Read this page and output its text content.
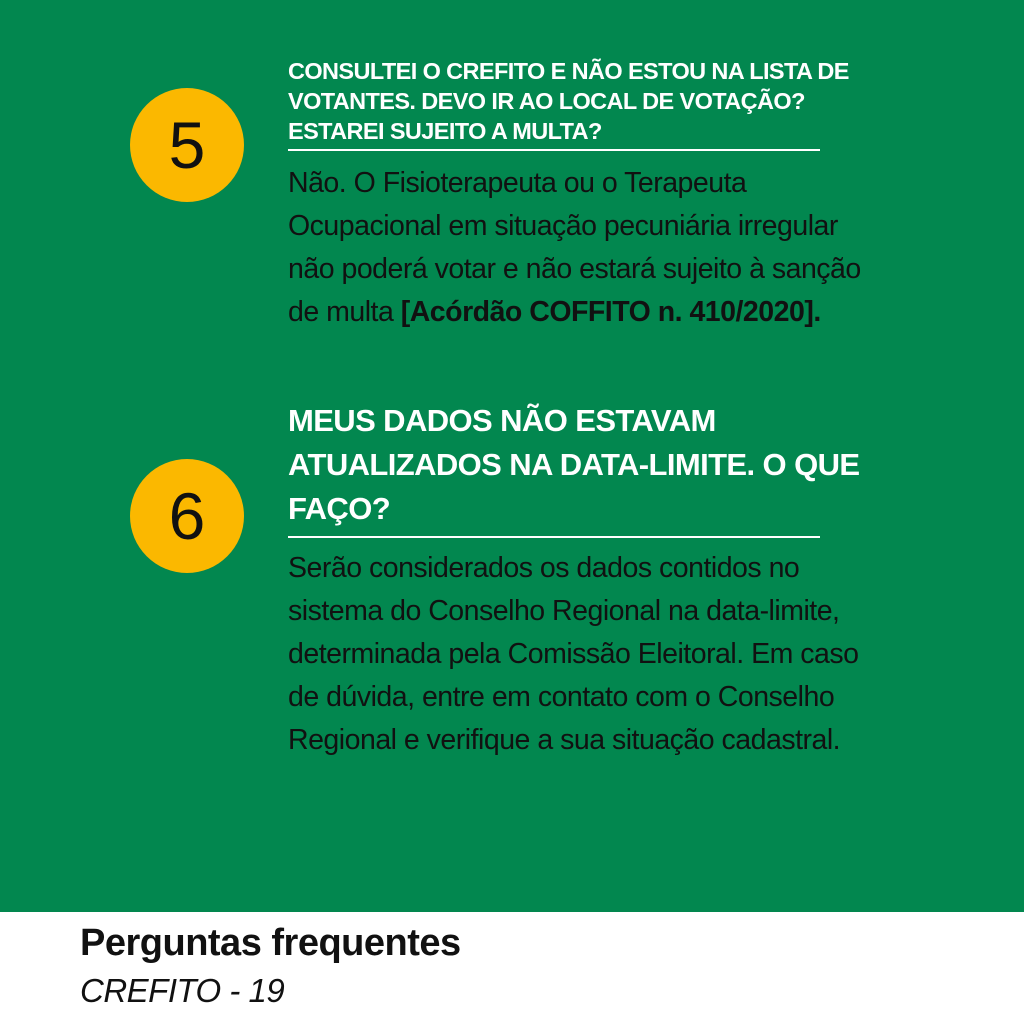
5
CONSULTEI O CREFITO E NÃO ESTOU NA LISTA DE VOTANTES. DEVO IR AO LOCAL DE VOTAÇÃO? ESTAREI SUJEITO A MULTA?

Não. O Fisioterapeuta ou o Terapeuta Ocupacional em situação pecuniária irregular não poderá votar e não estará sujeito à sanção de multa [Acórdão COFFITO n. 410/2020].

6
MEUS DADOS NÃO ESTAVAM ATUALIZADOS NA DATA-LIMITE. O QUE FAÇO?

Serão considerados os dados contidos no sistema do Conselho Regional na data-limite, determinada pela Comissão Eleitoral. Em caso de dúvida, entre em contato com o Conselho Regional e verifique a sua situação cadastral.

Perguntas frequentes
CREFITO - 19
